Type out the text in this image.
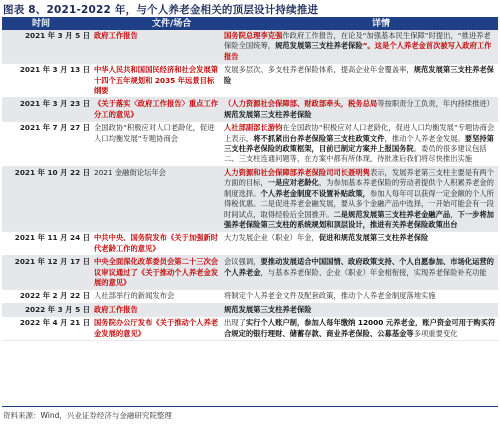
图表 8、2021-2022 年，与个人养老金相关的顶层设计持续推进
时间	文件/场合	详情
2021 年 3 月 5 日	政府工作报告	国务院总理李克强作政府工作报告，在论及“加强基本民生保障”时提出，“推进养老保险全国统筹，规范发展第三支柱养老保险”。这是个人养老金首次被写入政府工作报告
2021 年 3 月 13 日	中华人民共和国国民经济和社会发展第十四个五年规划和 2035 年远景目标纲要	发展多层次、多支柱养老保险体系，提高企业年金覆盖率，规范发展第三支柱养老保险
2021 年 3 月 23 日	《关于落实〈政府工作报告〉重点工作分工的意见》	（人力资源社会保障部、财政部牵头，税务总局等按职责分工负责，年内持续推进）规范发展第三支柱养老保险
2021 年 7 月 27 日	全国政协“积极应对人口老龄化，促进人口均衡发展”专题协商会	人社部副部长游钧在全国政协“积极应对人口老龄化，促进人口均衡发展”专题协商会上表示，将不抓紧出台养老保险第三支柱政策文件，推动个人养老金发展。要坚持第三支柱养老保险的政策框架，目前已制定方案并上报国务院。委员的很多建议包括二、三支柱连通问题等，在方案中都有所体现，待批准后我们将尽快推出实施
2021 年 10 月 22 日	2021 金融街论坛年会	人力资源和社会保障部养老保险司司长聂明隽表示，发展养老第三支柱主要是有两个方面的目标，一是应对老龄化，为参加基本养老保险的劳动者提供个人积累养老金的制度选择。个人养老金制度不设置补贴政策，参加人每年可以获得一定金额的个人所得税优惠。二是促进养老金融发展，要从多个金融产品中选择，一开始可能会有一段时间试点，取得经验后全国推开。二是规范发展第三支柱养老金融产品，下一步将加强养老保险第三支柱的系统规划和顶层设计，推进有关养老保险政策出台
2021 年 11 月 24 日	中共中央、国务院发布《关于加强新时代老龄工作的意见》	大力发展企业（职业）年金，促进和规范发展第三支柱养老保险
2021 年 12 月 17 日	中央全面深化改革委员会第二十三次会议审议通过了《关于推动个人养老金发展的意见》	会议强调，要推动发展适合中国国情、政府政策支持、个人自愿参加、市场化运营的个人养老金，与基本养老保险、企业（职业）年金相衔接，实现养老保险补充功能
2022 年 2 月 22 日	人社部举行的新闻发布会	将制定个人养老金文件及配套政策，推动个人养老金制度落地实施
2022 年 3 月 5 日	政府工作报告	规范发展第三支柱养老保险
2022 年 4 月 21 日	国务院办公厅发布《关于推动个人养老金发展的意见》	出现了实行个人账户制，参加人每年缴纳 12000 元养老金，账户资金可用于购买符合规定的银行理财、储蓄存款、商业养老保险、公募基金等多项重要变化
资料来源：Wind，兴业证券经济与金融研究院整理
